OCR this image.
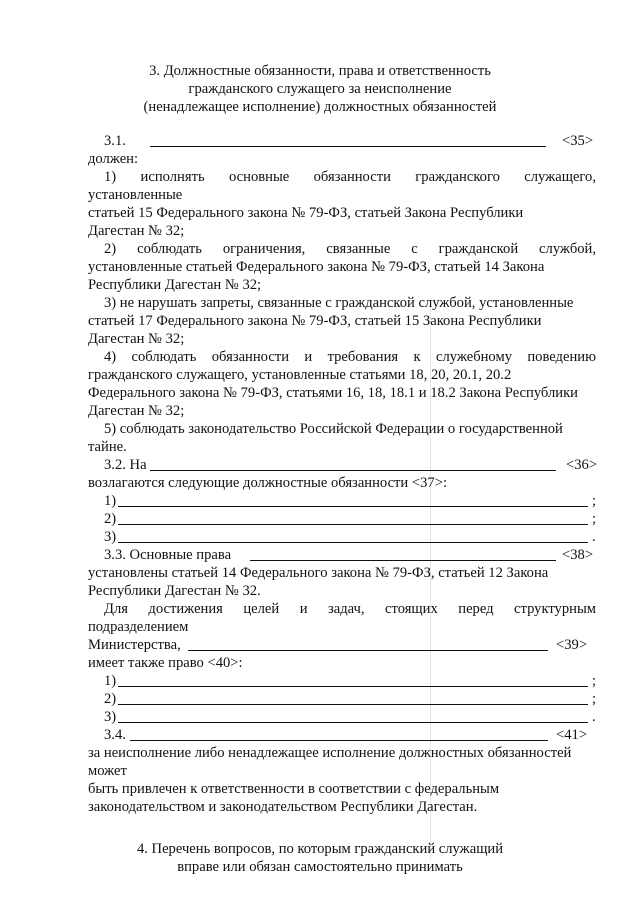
3. Должностные обязанности, права и ответственность
гражданского служащего за неисполнение
(ненадлежащее исполнение) должностных обязанностей
3.1.	<35>
должен:
1) исполнять основные обязанности гражданского служащего,
установленные
статьей 15 Федерального закона № 79-ФЗ, статьей Закона Республики
Дагестан № 32;
2) соблюдать ограничения, связанные с гражданской службой,
установленные статьей Федерального закона № 79-ФЗ, статьей 14 Закона
Республики Дагестан № 32;
3) не нарушать запреты, связанные с гражданской службой, установленные
статьей 17 Федерального закона № 79-ФЗ, статьей 15 Закона Республики
Дагестан № 32;
4) соблюдать обязанности и требования к служебному поведению
гражданского служащего, установленные статьями 18, 20, 20.1, 20.2
Федерального закона № 79-ФЗ, статьями 16, 18, 18.1 и 18.2 Закона Республики
Дагестан № 32;
5) соблюдать законодательство Российской Федерации о государственной
тайне.
3.2. На	<36>
возлагаются следующие должностные обязанности <37>:
1)	;
2)	;
3)	.
3.3. Основные права	<38>
установлены статьей 14 Федерального закона № 79-ФЗ, статьей 12 Закона
Республики Дагестан № 32.
Для достижения целей и задач, стоящих перед структурным
подразделением
Министерства,	<39>
имеет также право <40>:
1)	;
2)	;
3)	.
3.4.	<41>
за неисполнение либо ненадлежащее исполнение должностных обязанностей
может
быть привлечен к ответственности в соответствии с федеральным
законодательством и законодательством Республики Дагестан.
4. Перечень вопросов, по которым гражданский служащий
вправе или обязан самостоятельно принимать
